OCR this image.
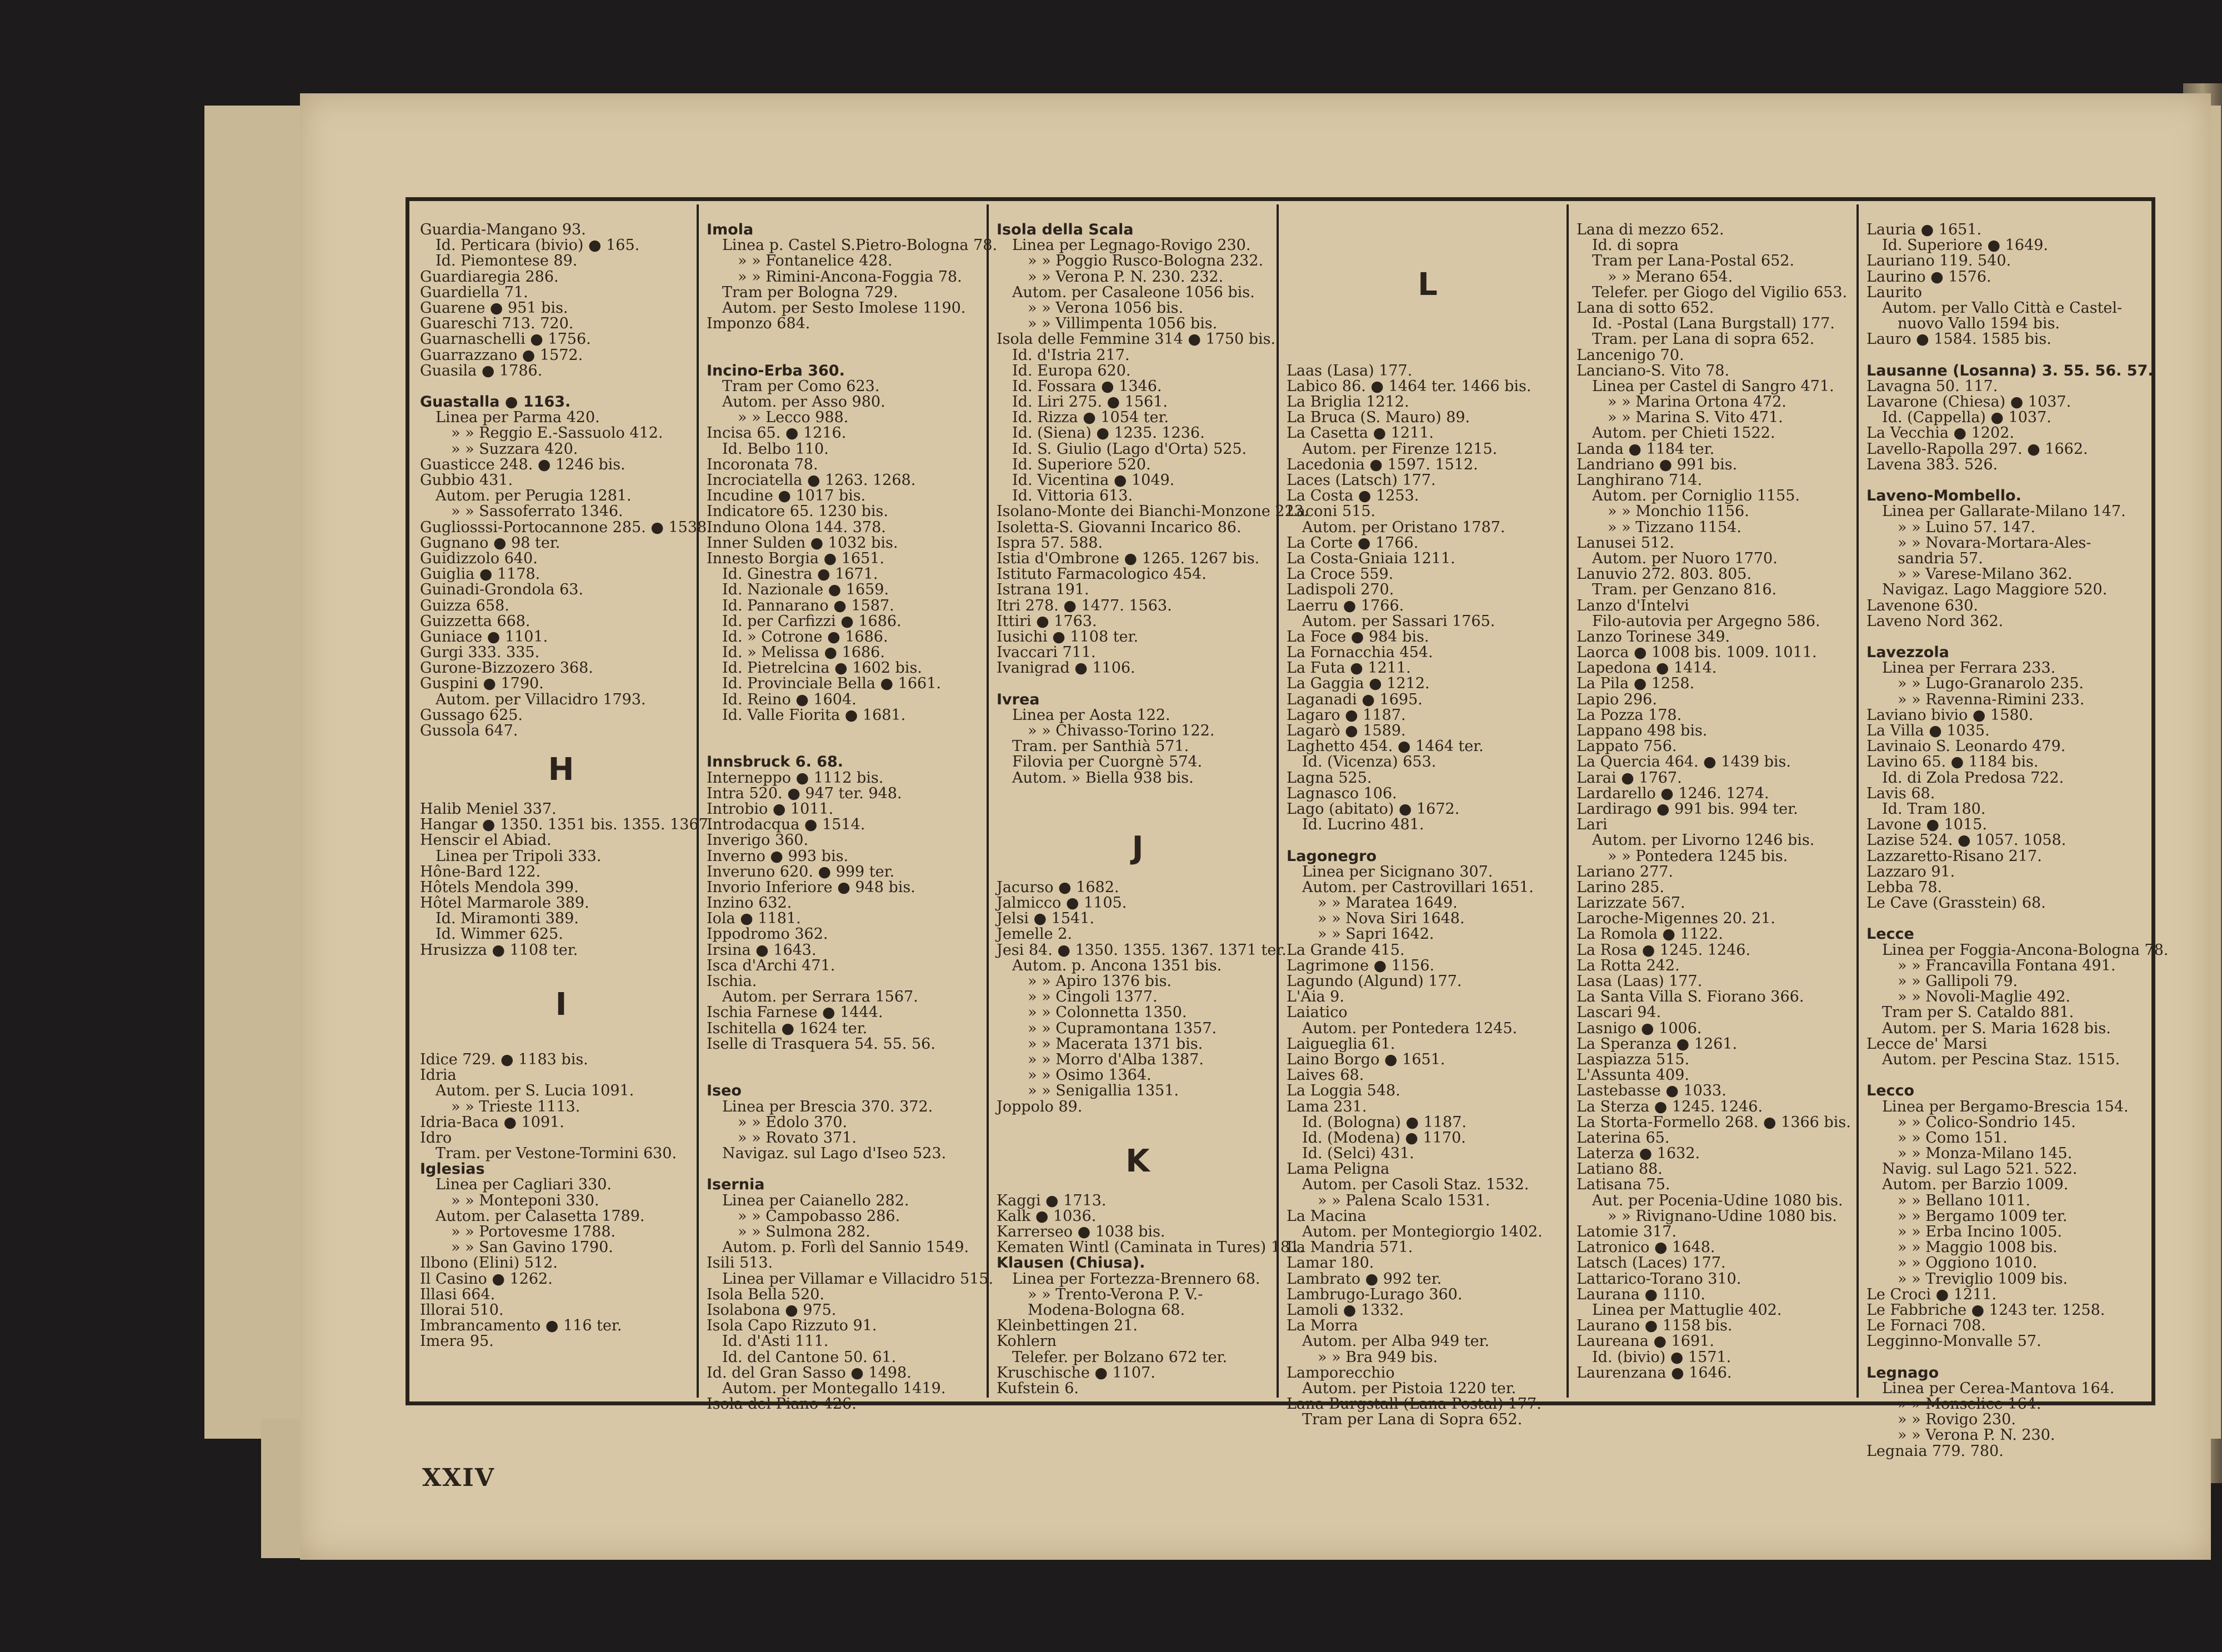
Guardia-Mangano 93.
Id. Perticara (bivio) ● 165.
Id. Piemontese 89.
Guardiaregia 286.
Guardiella 71.
Guarene ● 951 bis.
Guareschi 713. 720.
Guarnaschelli ● 1756.
Guarrazzano ● 1572.
Guasila ● 1786.
Guastalla ● 1163.
Linea per Parma 420.
» » Reggio E.-Sassuolo 412.
» » Suzzara 420.
Guasticce 248. ● 1246 bis.
Gubbio 431.
Autom. per Perugia 1281.
» » Sassoferrato 1346.
Gugliosssi-Portocannone 285. ● 1538.
Gugnano ● 98 ter.
Guidizzolo 640.
Guiglia ● 1178.
Guinadi-Grondola 63.
Guizza 658.
Guizzetta 668.
Guniace ● 1101.
Gurgi 333. 335.
Gurone-Bizzozero 368.
Guspini ● 1790.
Autom. per Villacidro 1793.
Gussago 625.
Gussola 647.
H
Halib Meniel 337.
Hangar ● 1350. 1351 bis. 1355. 1367.
Henscir el Abiad.
Linea per Tripoli 333.
Hône-Bard 122.
Hôtels Mendola 399.
Hôtel Marmarole 389.
Id. Miramonti 389.
Id. Wimmer 625.
Hrusizza ● 1108 ter.
I
Idice 729. ● 1183 bis.
Idria
Autom. per S. Lucia 1091.
» » Trieste 1113.
Idria-Baca ● 1091.
Idro
Tram. per Vestone-Tormini 630.
Iglesias
Linea per Cagliari 330.
» » Monteponi 330.
Autom. per Calasetta 1789.
» » Portovesme 1788.
» » San Gavino 1790.
Ilbono (Elini) 512.
Il Casino ● 1262.
Illasi 664.
Illorai 510.
Imbrancamento ● 116 ter.
Imera 95.
Imola
Linea p. Castel S.Pietro-Bologna 78.
» » Fontanelice 428.
» » Rimini-Ancona-Foggia 78.
Tram per Bologna 729.
Autom. per Sesto Imolese 1190.
Imponzo 684.
Incino-Erba 360.
Tram per Como 623.
Autom. per Asso 980.
» » Lecco 988.
Incisa 65. ● 1216.
Id. Belbo 110.
Incoronata 78.
Incrociatella ● 1263. 1268.
Incudine ● 1017 bis.
Indicatore 65. 1230 bis.
Induno Olona 144. 378.
Inner Sulden ● 1032 bis.
Innesto Borgia ● 1651.
Id. Ginestra ● 1671.
Id. Nazionale ● 1659.
Id. Pannarano ● 1587.
Id. per Carfizzi ● 1686.
Id. » Cotrone ● 1686.
Id. » Melissa ● 1686.
Id. Pietrelcina ● 1602 bis.
Id. Provinciale Bella ● 1661.
Id. Reino ● 1604.
Id. Valle Fiorita ● 1681.
Innsbruck 6. 68.
Interneppo ● 1112 bis.
Intra 520. ● 947 ter. 948.
Introbio ● 1011.
Introdacqua ● 1514.
Inverigo 360.
Inverno ● 993 bis.
Inveruno 620. ● 999 ter.
Invorio Inferiore ● 948 bis.
Inzino 632.
Iola ● 1181.
Ippodromo 362.
Irsina ● 1643.
Isca d'Archi 471.
Ischia.
Autom. per Serrara 1567.
Ischia Farnese ● 1444.
Ischitella ● 1624 ter.
Iselle di Trasquera 54. 55. 56.
Iseo
Linea per Brescia 370. 372.
» » Edolo 370.
» » Rovato 371.
Navigaz. sul Lago d'Iseo 523.
Isernia
Linea per Caianello 282.
» » Campobasso 286.
» » Sulmona 282.
Autom. p. Forlì del Sannio 1549.
Isili 513.
Linea per Villamar e Villacidro 515.
Isola Bella 520.
Isolabona ● 975.
Isola Capo Rizzuto 91.
Id. d'Asti 111.
Id. del Cantone 50. 61.
Id. del Gran Sasso ● 1498.
Autom. per Montegallo 1419.
Isola del Piano 426.
Isola della Scala
Linea per Legnago-Rovigo 230.
» » Poggio Rusco-Bologna 232.
» » Verona P. N. 230. 232.
Autom. per Casaleone 1056 bis.
» » Verona 1056 bis.
» » Villimpenta 1056 bis.
Isola delle Femmine 314 ● 1750 bis.
Id. d'Istria 217.
Id. Europa 620.
Id. Fossara ● 1346.
Id. Liri 275. ● 1561.
Id. Rizza ● 1054 ter.
Id. (Siena) ● 1235. 1236.
Id. S. Giulio (Lago d'Orta) 525.
Id. Superiore 520.
Id. Vicentina ● 1049.
Id. Vittoria 613.
Isolano-Monte dei Bianchi-Monzone 223.
Isoletta-S. Giovanni Incarico 86.
Ispra 57. 588.
Istia d'Ombrone ● 1265. 1267 bis.
Istituto Farmacologico 454.
Istrana 191.
Itri 278. ● 1477. 1563.
Ittiri ● 1763.
Iusichi ● 1108 ter.
Ivaccari 711.
Ivanigrad ● 1106.
Ivrea
Linea per Aosta 122.
» » Chivasso-Torino 122.
Tram. per Santhià 571.
Filovia per Cuorgnè 574.
Autom. » Biella 938 bis.
J
Jacurso ● 1682.
Jalmicco ● 1105.
Jelsi ● 1541.
Jemelle 2.
Jesi 84. ● 1350. 1355. 1367. 1371 ter.
Autom. p. Ancona 1351 bis.
» » Apiro 1376 bis.
» » Cingoli 1377.
» » Colonnetta 1350.
» » Cupramontana 1357.
» » Macerata 1371 bis.
» » Morro d'Alba 1387.
» » Osimo 1364.
» » Senigallia 1351.
Joppolo 89.
K
Kaggi ● 1713.
Kalk ● 1036.
Karrerseo ● 1038 bis.
Kematen Wintl (Caminata in Tures) 181.
Klausen (Chiusa).
Linea per Fortezza-Brennero 68.
» » Trento-Verona P. V.-
Modena-Bologna 68.
Kleinbettingen 21.
Kohlern
Telefer. per Bolzano 672 ter.
Kruschische ● 1107.
Kufstein 6.
L
Laas (Lasa) 177.
Labico 86. ● 1464 ter. 1466 bis.
La Briglia 1212.
La Bruca (S. Mauro) 89.
La Casetta ● 1211.
Autom. per Firenze 1215.
Lacedonia ● 1597. 1512.
Laces (Latsch) 177.
La Costa ● 1253.
Laconi 515.
Autom. per Oristano 1787.
La Corte ● 1766.
La Costa-Gniaia 1211.
La Croce 559.
Ladispoli 270.
Laerru ● 1766.
Autom. per Sassari 1765.
La Foce ● 984 bis.
La Fornacchia 454.
La Futa ● 1211.
La Gaggia ● 1212.
Laganadi ● 1695.
Lagaro ● 1187.
Lagarò ● 1589.
Laghetto 454. ● 1464 ter.
Id. (Vicenza) 653.
Lagna 525.
Lagnasco 106.
Lago (abitato) ● 1672.
Id. Lucrino 481.
Lagonegro
Linea per Sicignano 307.
Autom. per Castrovillari 1651.
» » Maratea 1649.
» » Nova Siri 1648.
» » Sapri 1642.
La Grande 415.
Lagrimone ● 1156.
Lagundo (Algund) 177.
L'Aia 9.
Laiatico
Autom. per Pontedera 1245.
Laigueglia 61.
Laino Borgo ● 1651.
Laives 68.
La Loggia 548.
Lama 231.
Id. (Bologna) ● 1187.
Id. (Modena) ● 1170.
Id. (Selci) 431.
Lama Peligna
Autom. per Casoli Staz. 1532.
» » Palena Scalo 1531.
La Macina
Autom. per Montegiorgio 1402.
La Mandria 571.
Lamar 180.
Lambrato ● 992 ter.
Lambrugo-Lurago 360.
Lamoli ● 1332.
La Morra
Autom. per Alba 949 ter.
» » Bra 949 bis.
Lamporecchio
Autom. per Pistoia 1220 ter.
Lana Burgstall (Lana Postal) 177.
Tram per Lana di Sopra 652.
Lana di mezzo 652.
Id. di sopra
Tram per Lana-Postal 652.
» » Merano 654.
Telefer. per Giogo del Vigilio 653.
Lana di sotto 652.
Id. -Postal (Lana Burgstall) 177.
Tram. per Lana di sopra 652.
Lancenigo 70.
Lanciano-S. Vito 78.
Linea per Castel di Sangro 471.
» » Marina Ortona 472.
» » Marina S. Vito 471.
Autom. per Chieti 1522.
Landa ● 1184 ter.
Landriano ● 991 bis.
Langhirano 714.
Autom. per Corniglio 1155.
» » Monchio 1156.
» » Tizzano 1154.
Lanusei 512.
Autom. per Nuoro 1770.
Lanuvio 272. 803. 805.
Tram. per Genzano 816.
Lanzo d'Intelvi
Filo-autovia per Argegno 586.
Lanzo Torinese 349.
Laorca ● 1008 bis. 1009. 1011.
Lapedona ● 1414.
La Pila ● 1258.
Lapio 296.
La Pozza 178.
Lappano 498 bis.
Lappato 756.
La Quercia 464. ● 1439 bis.
Larai ● 1767.
Lardarello ● 1246. 1274.
Lardirago ● 991 bis. 994 ter.
Lari
Autom. per Livorno 1246 bis.
» » Pontedera 1245 bis.
Lariano 277.
Larino 285.
Larizzate 567.
Laroche-Migennes 20. 21.
La Romola ● 1122.
La Rosa ● 1245. 1246.
La Rotta 242.
Lasa (Laas) 177.
La Santa Villa S. Fiorano 366.
Lascari 94.
Lasnigo ● 1006.
La Speranza ● 1261.
Laspiazza 515.
L'Assunta 409.
Lastebasse ● 1033.
La Sterza ● 1245. 1246.
La Storta-Formello 268. ● 1366 bis.
Laterina 65.
Laterza ● 1632.
Latiano 88.
Latisana 75.
Aut. per Pocenia-Udine 1080 bis.
» » Rivignano-Udine 1080 bis.
Latomie 317.
Latronico ● 1648.
Latsch (Laces) 177.
Lattarico-Torano 310.
Laurana ● 1110.
Linea per Mattuglie 402.
Laurano ● 1158 bis.
Laureana ● 1691.
Id. (bivio) ● 1571.
Laurenzana ● 1646.
Lauria ● 1651.
Id. Superiore ● 1649.
Lauriano 119. 540.
Laurino ● 1576.
Laurito
Autom. per Vallo Città e Castel-
nuovo Vallo 1594 bis.
Lauro ● 1584. 1585 bis.
Lausanne (Losanna) 3. 55. 56. 57.
Lavagna 50. 117.
Lavarone (Chiesa) ● 1037.
Id. (Cappella) ● 1037.
La Vecchia ● 1202.
Lavello-Rapolla 297. ● 1662.
Lavena 383. 526.
Laveno-Mombello.
Linea per Gallarate-Milano 147.
» » Luino 57. 147.
» » Novara-Mortara-Ales-
sandria 57.
» » Varese-Milano 362.
Navigaz. Lago Maggiore 520.
Lavenone 630.
Laveno Nord 362.
Lavezzola
Linea per Ferrara 233.
» » Lugo-Granarolo 235.
» » Ravenna-Rimini 233.
Laviano bivio ● 1580.
La Villa ● 1035.
Lavinaio S. Leonardo 479.
Lavino 65. ● 1184 bis.
Id. di Zola Predosa 722.
Lavis 68.
Id. Tram 180.
Lavone ● 1015.
Lazise 524. ● 1057. 1058.
Lazzaretto-Risano 217.
Lazzaro 91.
Lebba 78.
Le Cave (Grasstein) 68.
Lecce
Linea per Foggia-Ancona-Bologna 78.
» » Francavilla Fontana 491.
» » Gallipoli 79.
» » Novoli-Maglie 492.
Tram per S. Cataldo 881.
Autom. per S. Maria 1628 bis.
Lecce de' Marsi
Autom. per Pescina Staz. 1515.
Lecco
Linea per Bergamo-Brescia 154.
» » Colico-Sondrio 145.
» » Como 151.
» » Monza-Milano 145.
Navig. sul Lago 521. 522.
Autom. per Barzio 1009.
» » Bellano 1011.
» » Bergamo 1009 ter.
» » Erba Incino 1005.
» » Maggio 1008 bis.
» » Oggiono 1010.
» » Treviglio 1009 bis.
Le Croci ● 1211.
Le Fabbriche ● 1243 ter. 1258.
Le Fornaci 708.
Legginno-Monvalle 57.
Legnago
Linea per Cerea-Mantova 164.
» » Monselice 164.
» » Rovigo 230.
» » Verona P. N. 230.
Legnaia 779. 780.
XXIV
